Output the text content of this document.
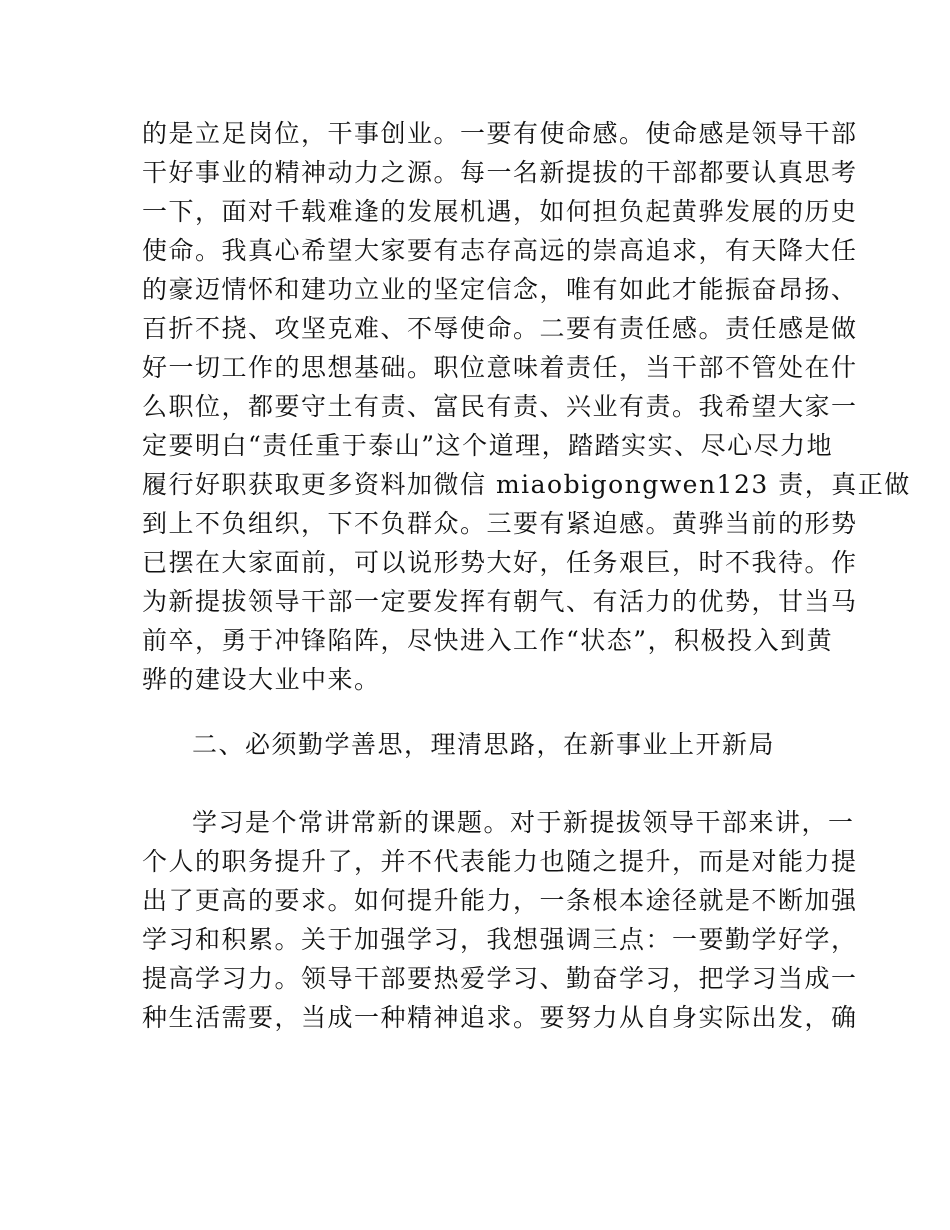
的是立足岗位，干事创业。一要有使命感。使命感是领导干部
干好事业的精神动力之源。每一名新提拔的干部都要认真思考
一下，面对千载难逢的发展机遇，如何担负起黄骅发展的历史
使命。我真心希望大家要有志存高远的崇高追求，有天降大任
的豪迈情怀和建功立业的坚定信念，唯有如此才能振奋昂扬、
百折不挠、攻坚克难、不辱使命。二要有责任感。责任感是做
好一切工作的思想基础。职位意味着责任，当干部不管处在什
么职位，都要守土有责、富民有责、兴业有责。我希望大家一
定要明白“责任重于泰山”这个道理，踏踏实实、尽心尽力地
履行好职获取更多资料加微信 miaobigongwen123 责，真正做
到上不负组织，下不负群众。三要有紧迫感。黄骅当前的形势
已摆在大家面前，可以说形势大好，任务艰巨，时不我待。作
为新提拔领导干部一定要发挥有朝气、有活力的优势，甘当马
前卒，勇于冲锋陷阵，尽快进入工作“状态”，积极投入到黄
骅的建设大业中来。
二、必须勤学善思，理清思路，在新事业上开新局
学习是个常讲常新的课题。对于新提拔领导干部来讲，一
个人的职务提升了，并不代表能力也随之提升，而是对能力提
出了更高的要求。如何提升能力，一条根本途径就是不断加强
学习和积累。关于加强学习，我想强调三点：一要勤学好学，
提高学习力。领导干部要热爱学习、勤奋学习，把学习当成一
种生活需要，当成一种精神追求。要努力从自身实际出发，确
